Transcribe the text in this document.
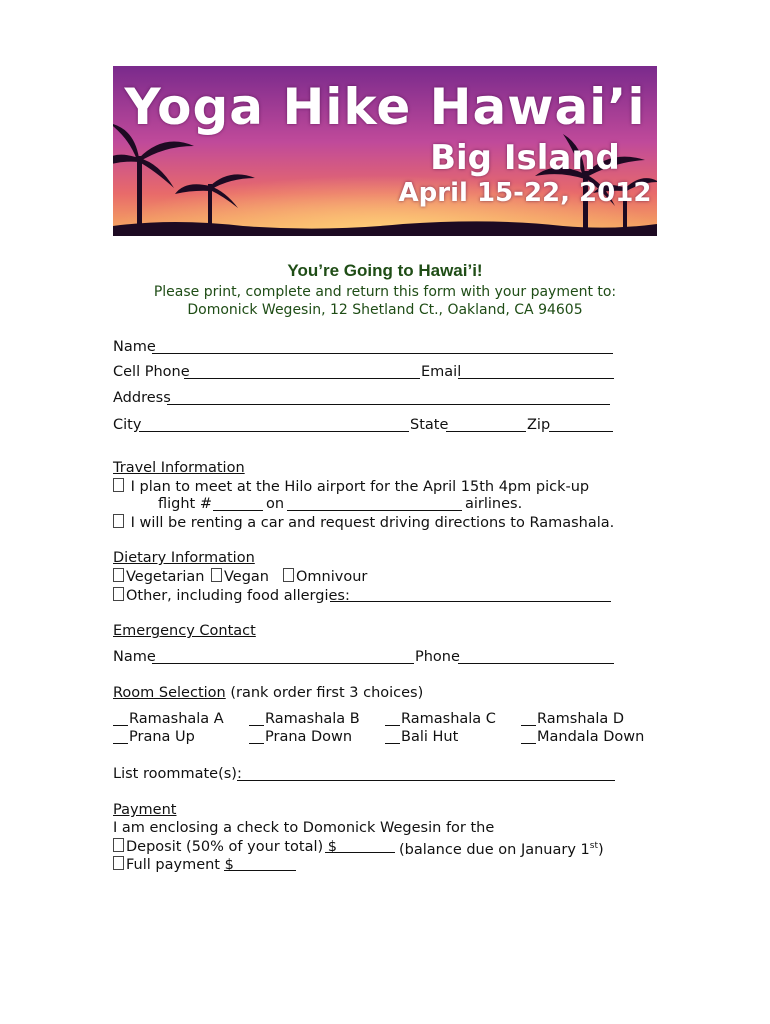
Yoga Hike Hawai’i
Big Island
April 15-22, 2012
You’re Going to Hawai’i!
Please print, complete and return this form with your payment to:
Domonick Wegesin, 12 Shetland Ct., Oakland, CA 94605
Name
Cell Phone	Email
Address
City	State	Zip
Travel Information
I plan to meet at the Hilo airport for the April 15th 4pm pick-up
flight #	on	airlines.
I will be renting a car and request driving directions to Ramashala.
Dietary Information
Vegetarian	Vegan	Omnivour
Other, including food allergies:
Emergency Contact
Name	Phone
Room Selection (rank order first 3 choices)
Ramashala A	Ramashala B	Ramashala C	Ramshala D
Prana Up	Prana Down	Bali Hut	Mandala Down
List roommate(s):
Payment
I am enclosing a check to Domonick Wegesin for the
Deposit (50% of your total) $	(balance due on January 1st)
Full payment $
